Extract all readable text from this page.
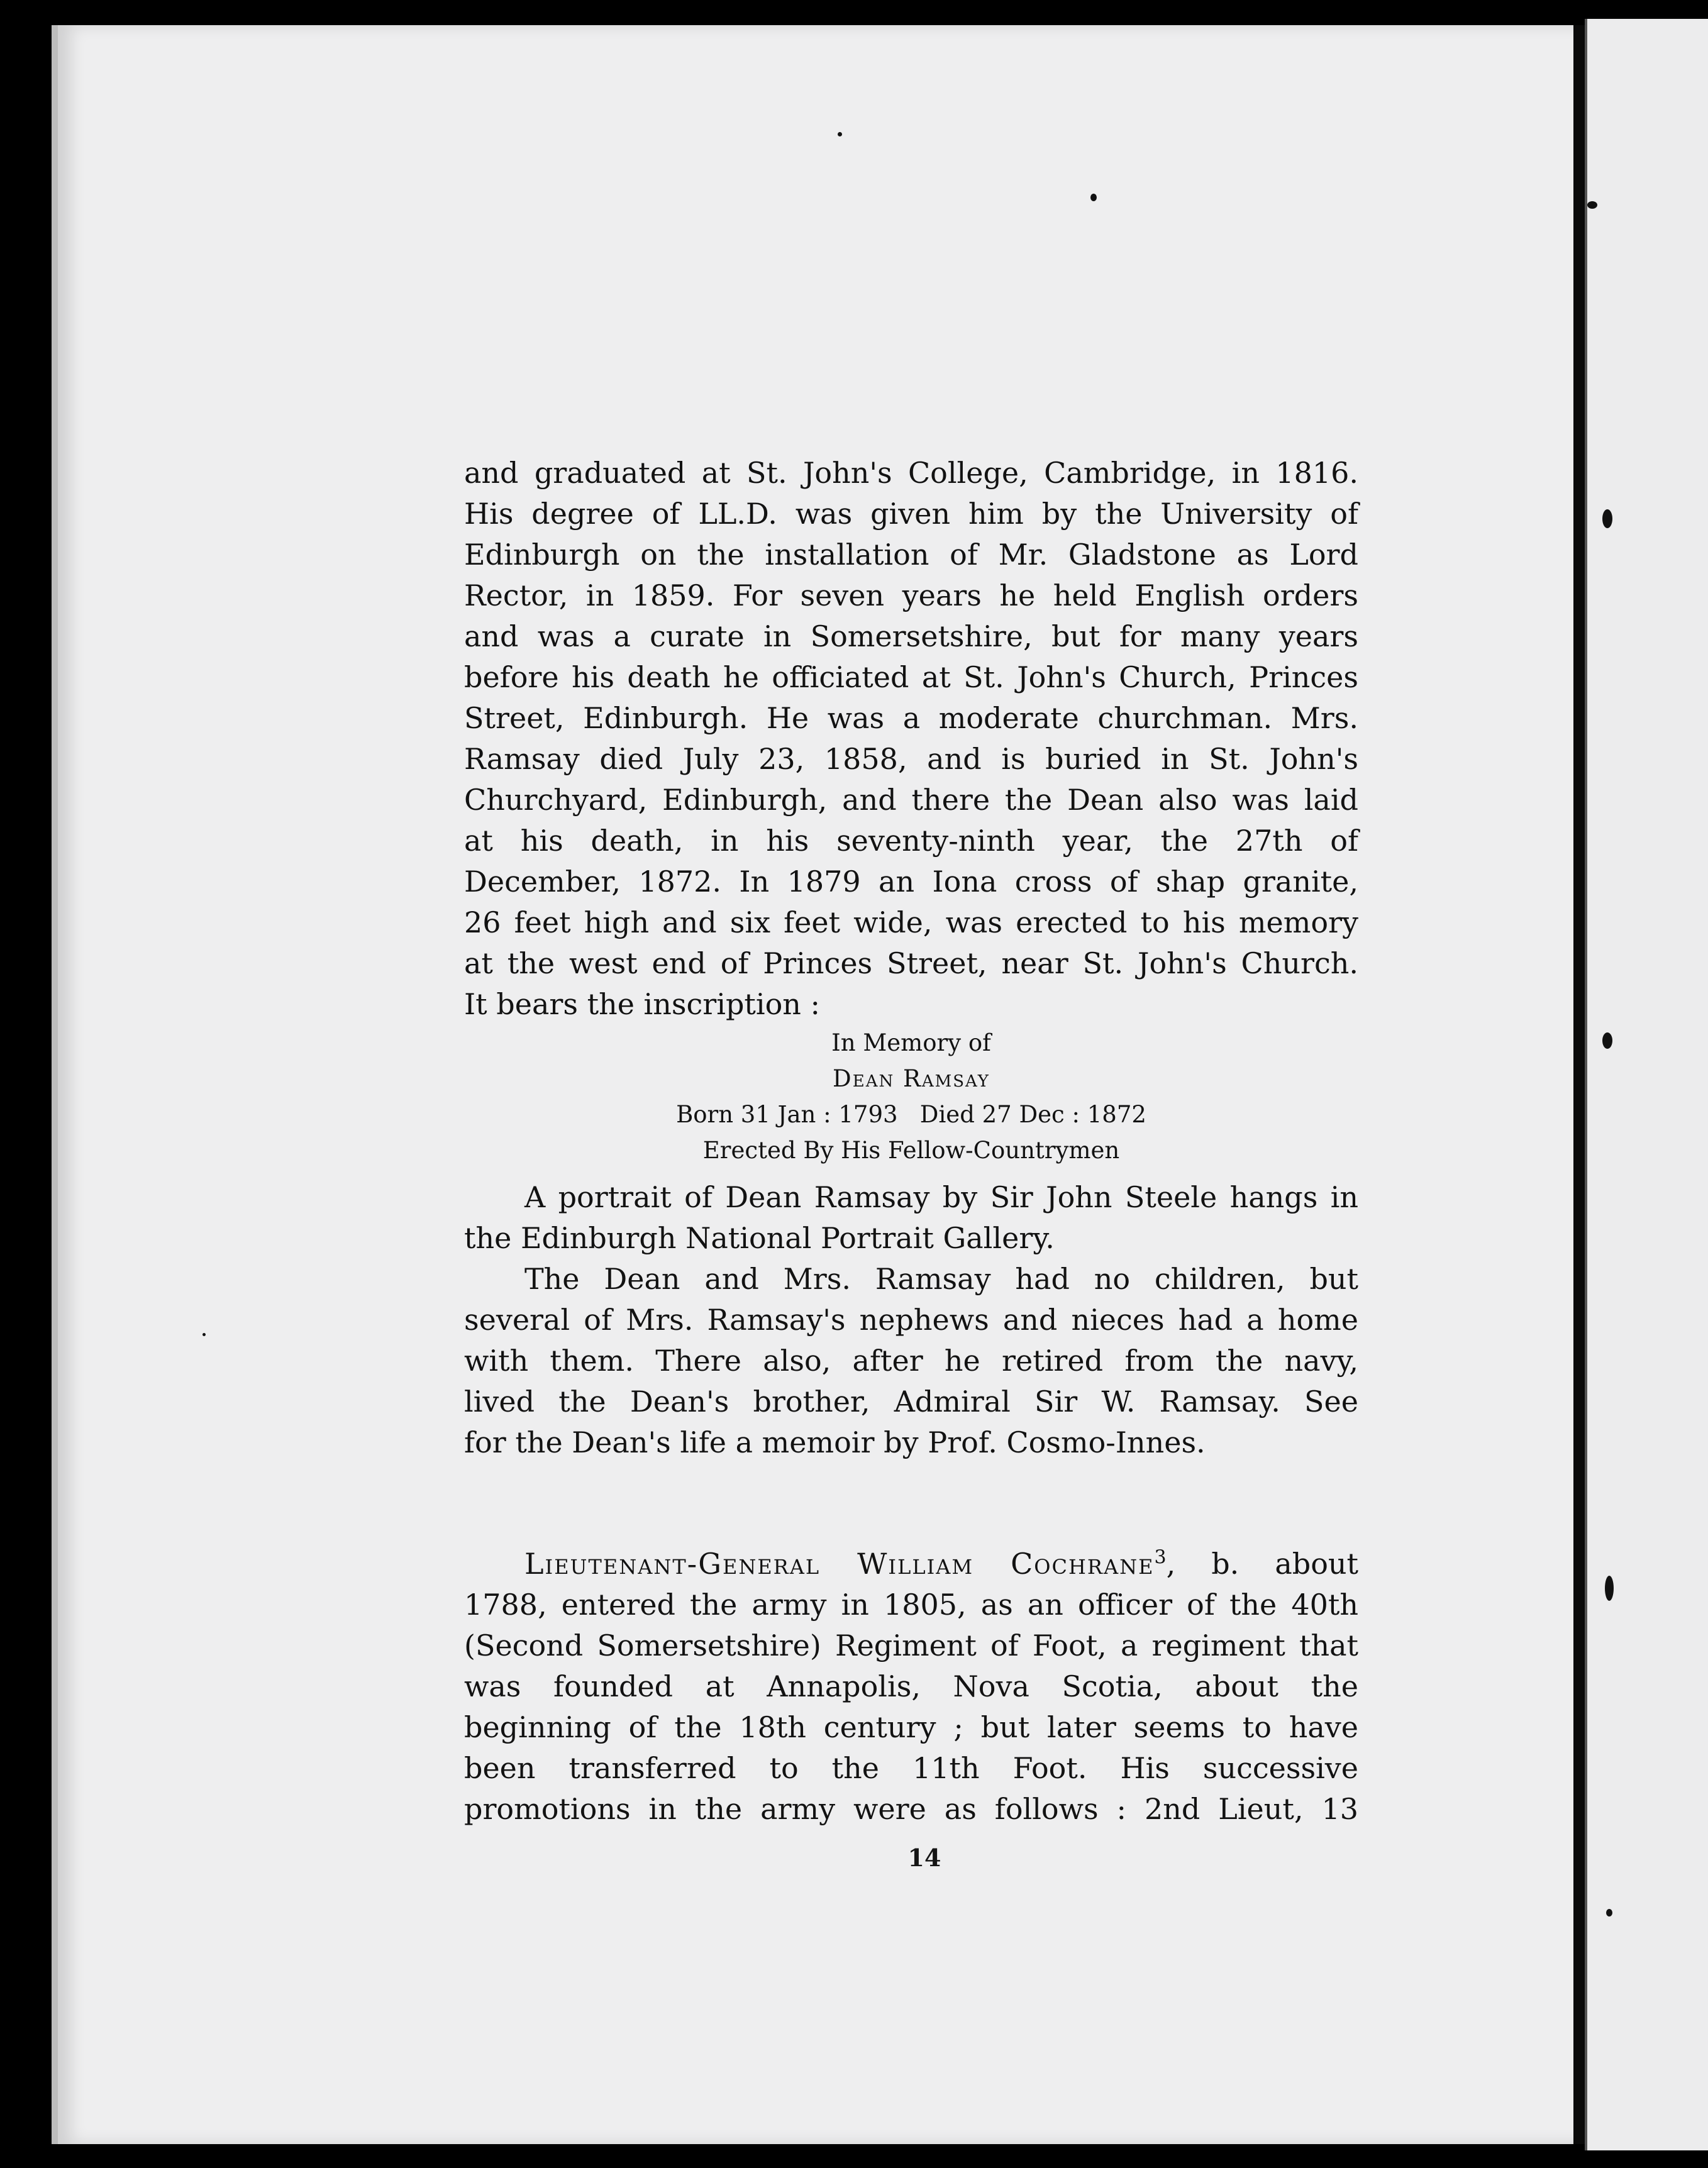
and graduated at St. John's College, Cambridge, in 1816.
His degree of LL.D. was given him by the University of
Edinburgh on the installation of Mr. Gladstone as Lord
Rector, in 1859. For seven years he held English orders
and was a curate in Somersetshire, but for many years
before his death he officiated at St. John's Church, Princes
Street, Edinburgh. He was a moderate churchman. Mrs.
Ramsay died July 23, 1858, and is buried in St. John's
Churchyard, Edinburgh, and there the Dean also was laid
at his death, in his seventy-ninth year, the 27th of
December, 1872. In 1879 an Iona cross of shap granite,
26 feet high and six feet wide, was erected to his memory
at the west end of Princes Street, near St. John's Church.
It bears the inscription :
In Memory of
Dean Ramsay
Born 31 Jan : 1793   Died 27 Dec : 1872
Erected By His Fellow-Countrymen
A portrait of Dean Ramsay by Sir John Steele hangs in
the Edinburgh National Portrait Gallery.
The Dean and Mrs. Ramsay had no children, but
several of Mrs. Ramsay's nephews and nieces had a home
with them. There also, after he retired from the navy,
lived the Dean's brother, Admiral Sir W. Ramsay. See
for the Dean's life a memoir by Prof. Cosmo-Innes.
Lieutenant-General William Cochrane$^3$, b. about
1788, entered the army in 1805, as an officer of the 40th
(Second Somersetshire) Regiment of Foot, a regiment that
was founded at Annapolis, Nova Scotia, about the
beginning of the 18th century ; but later seems to have
been transferred to the 11th Foot. His successive
promotions in the army were as follows : 2nd Lieut, 13
14
